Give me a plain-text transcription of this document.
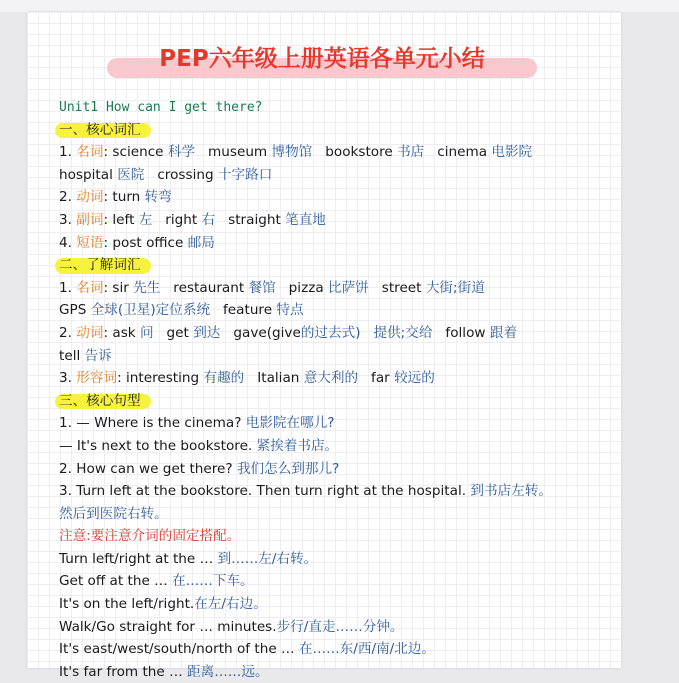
PEP六年级上册英语各单元小结
Unit1 How can I get there?
一、核心词汇
1. 名词: science 科学   museum 博物馆   bookstore 书店   cinema 电影院
hospital 医院   crossing 十字路口
2. 动词: turn 转弯
3. 副词: left 左   right 右   straight 笔直地
4. 短语: post office 邮局
二、了解词汇
1. 名词: sir 先生   restaurant 餐馆   pizza 比萨饼   street 大街;街道
GPS 全球(卫星)定位系统   feature 特点
2. 动词: ask 问   get 到达   gave(give的过去式) 提供;交给   follow 跟着
tell 告诉
3. 形容词: interesting 有趣的   Italian 意大利的   far 较远的
三、核心句型
1. — Where is the cinema? 电影院在哪儿?
— It's next to the bookstore. 紧挨着书店。
2. How can we get there? 我们怎么到那儿?
3. Turn left at the bookstore. Then turn right at the hospital. 到书店左转。
然后到医院右转。
注意:要注意介词的固定搭配。
Turn left/right at the … 到……左/右转。
Get off at the … 在……下车。
It's on the left/right.在左/右边。
Walk/Go straight for … minutes.步行/直走……分钟。
It's east/west/south/north of the … 在……东/西/南/北边。
It's far from the … 距离……远。
